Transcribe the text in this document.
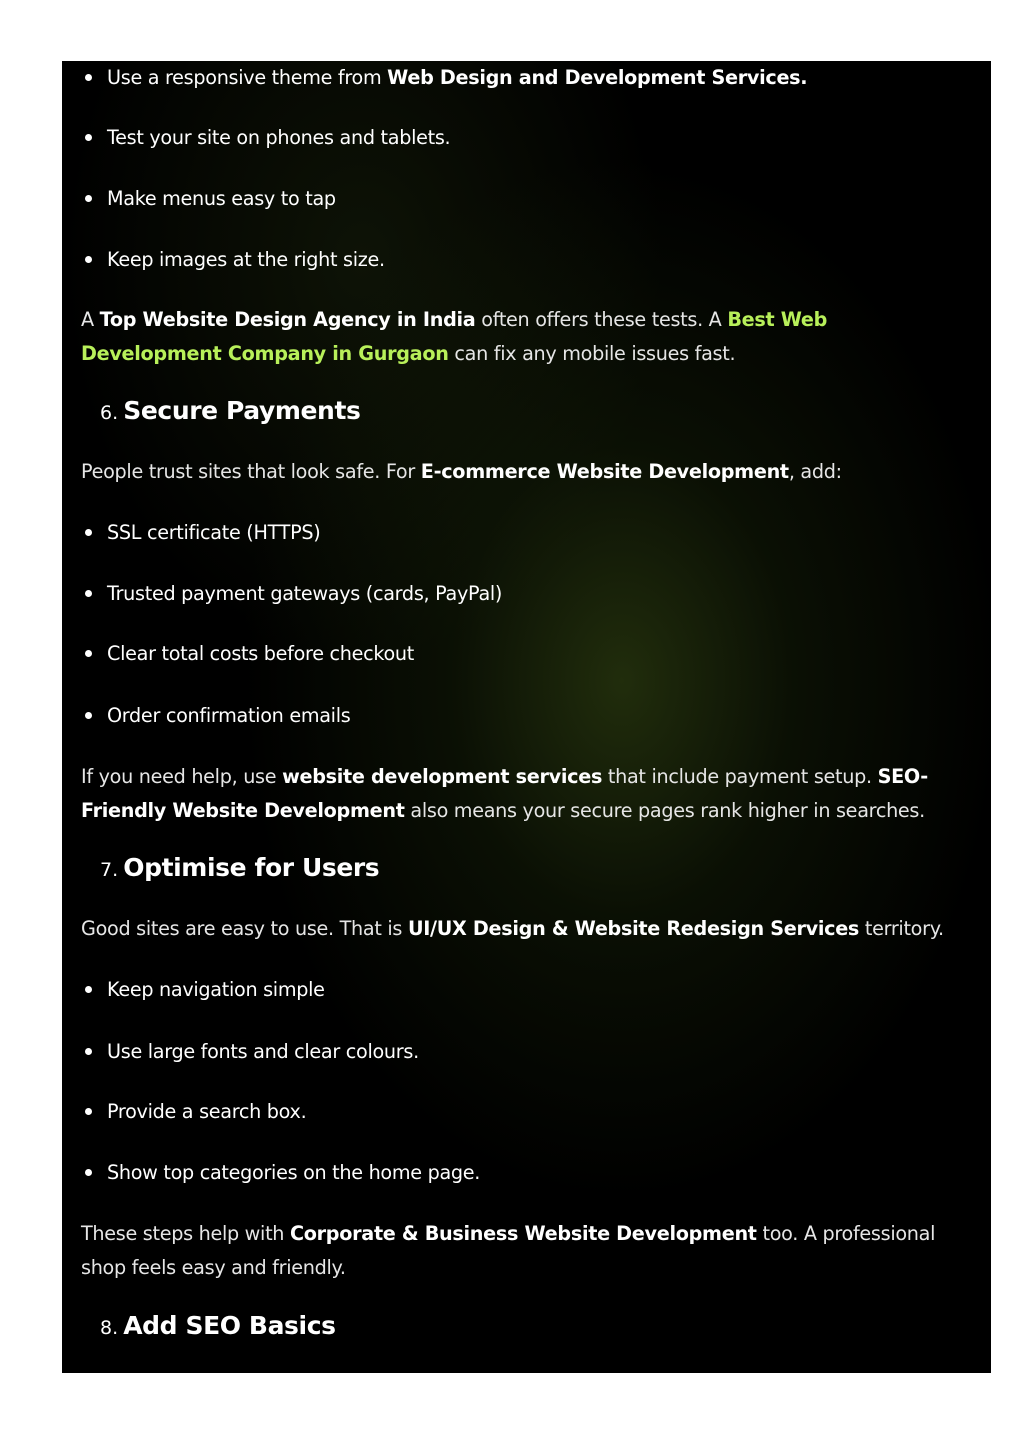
Use a responsive theme from Web Design and Development Services.
Test your site on phones and tablets.
Make menus easy to tap
Keep images at the right size.
A Top Website Design Agency in India often offers these tests. A Best Web Development Company in Gurgaon can fix any mobile issues fast.
6. Secure Payments
People trust sites that look safe. For E-commerce Website Development, add:
SSL certificate (HTTPS)
Trusted payment gateways (cards, PayPal)
Clear total costs before checkout
Order confirmation emails
If you need help, use website development services that include payment setup. SEO-Friendly Website Development also means your secure pages rank higher in searches.
7. Optimise for Users
Good sites are easy to use. That is UI/UX Design & Website Redesign Services territory.
Keep navigation simple
Use large fonts and clear colours.
Provide a search box.
Show top categories on the home page.
These steps help with Corporate & Business Website Development too. A professional shop feels easy and friendly.
8. Add SEO Basics
